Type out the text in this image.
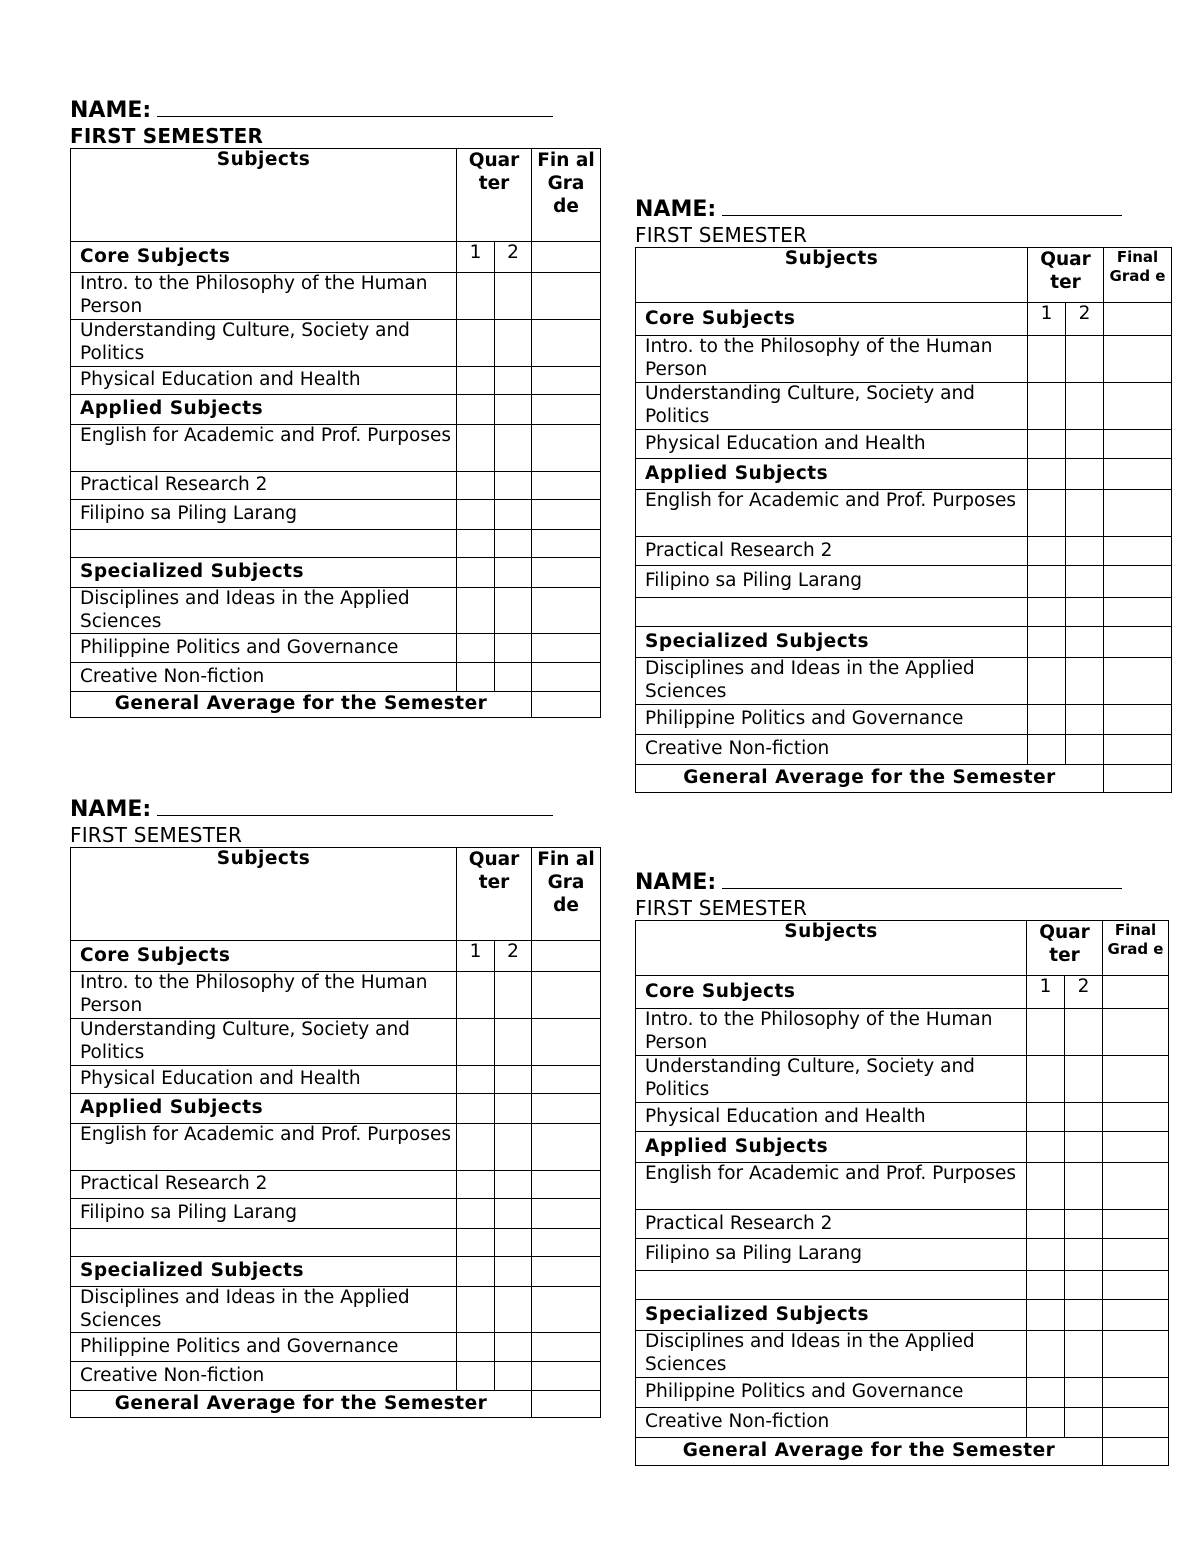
NAME:
FIRST SEMESTER
Subjects	Quar ter		Fin al Gra de
Core Subjects	1	2	
Intro. to the Philosophy of the Human Person			
Understanding Culture, Society and Politics			
Physical Education and Health			
Applied Subjects			
English for Academic and Prof. Purposes			
Practical Research 2			
Filipino sa Piling Larang			

Specialized Subjects			
Disciplines and Ideas in the Applied Sciences			
Philippine Politics and Governance			
Creative Non-fiction			
General Average for the Semester			
NAME:
FIRST SEMESTER
Subjects	Quar ter		Final Grad e
Core Subjects	1	2	
Intro. to the Philosophy of the Human Person			
Understanding Culture, Society and Politics			
Physical Education and Health			
Applied Subjects			
English for Academic and Prof. Purposes			
Practical Research 2			
Filipino sa Piling Larang			

Specialized Subjects			
Disciplines and Ideas in the Applied Sciences			
Philippine Politics and Governance			
Creative Non-fiction			
General Average for the Semester			
NAME:
FIRST SEMESTER
Subjects	Quar ter		Fin al Gra de
Core Subjects	1	2	
Intro. to the Philosophy of the Human Person			
Understanding Culture, Society and Politics			
Physical Education and Health			
Applied Subjects			
English for Academic and Prof. Purposes			
Practical Research 2			
Filipino sa Piling Larang			

Specialized Subjects			
Disciplines and Ideas in the Applied Sciences			
Philippine Politics and Governance			
Creative Non-fiction			
General Average for the Semester			
NAME:
FIRST SEMESTER
Subjects	Quar ter		Final Grad e
Core Subjects	1	2	
Intro. to the Philosophy of the Human Person			
Understanding Culture, Society and Politics			
Physical Education and Health			
Applied Subjects			
English for Academic and Prof. Purposes			
Practical Research 2			
Filipino sa Piling Larang			

Specialized Subjects			
Disciplines and Ideas in the Applied Sciences			
Philippine Politics and Governance			
Creative Non-fiction			
General Average for the Semester			
